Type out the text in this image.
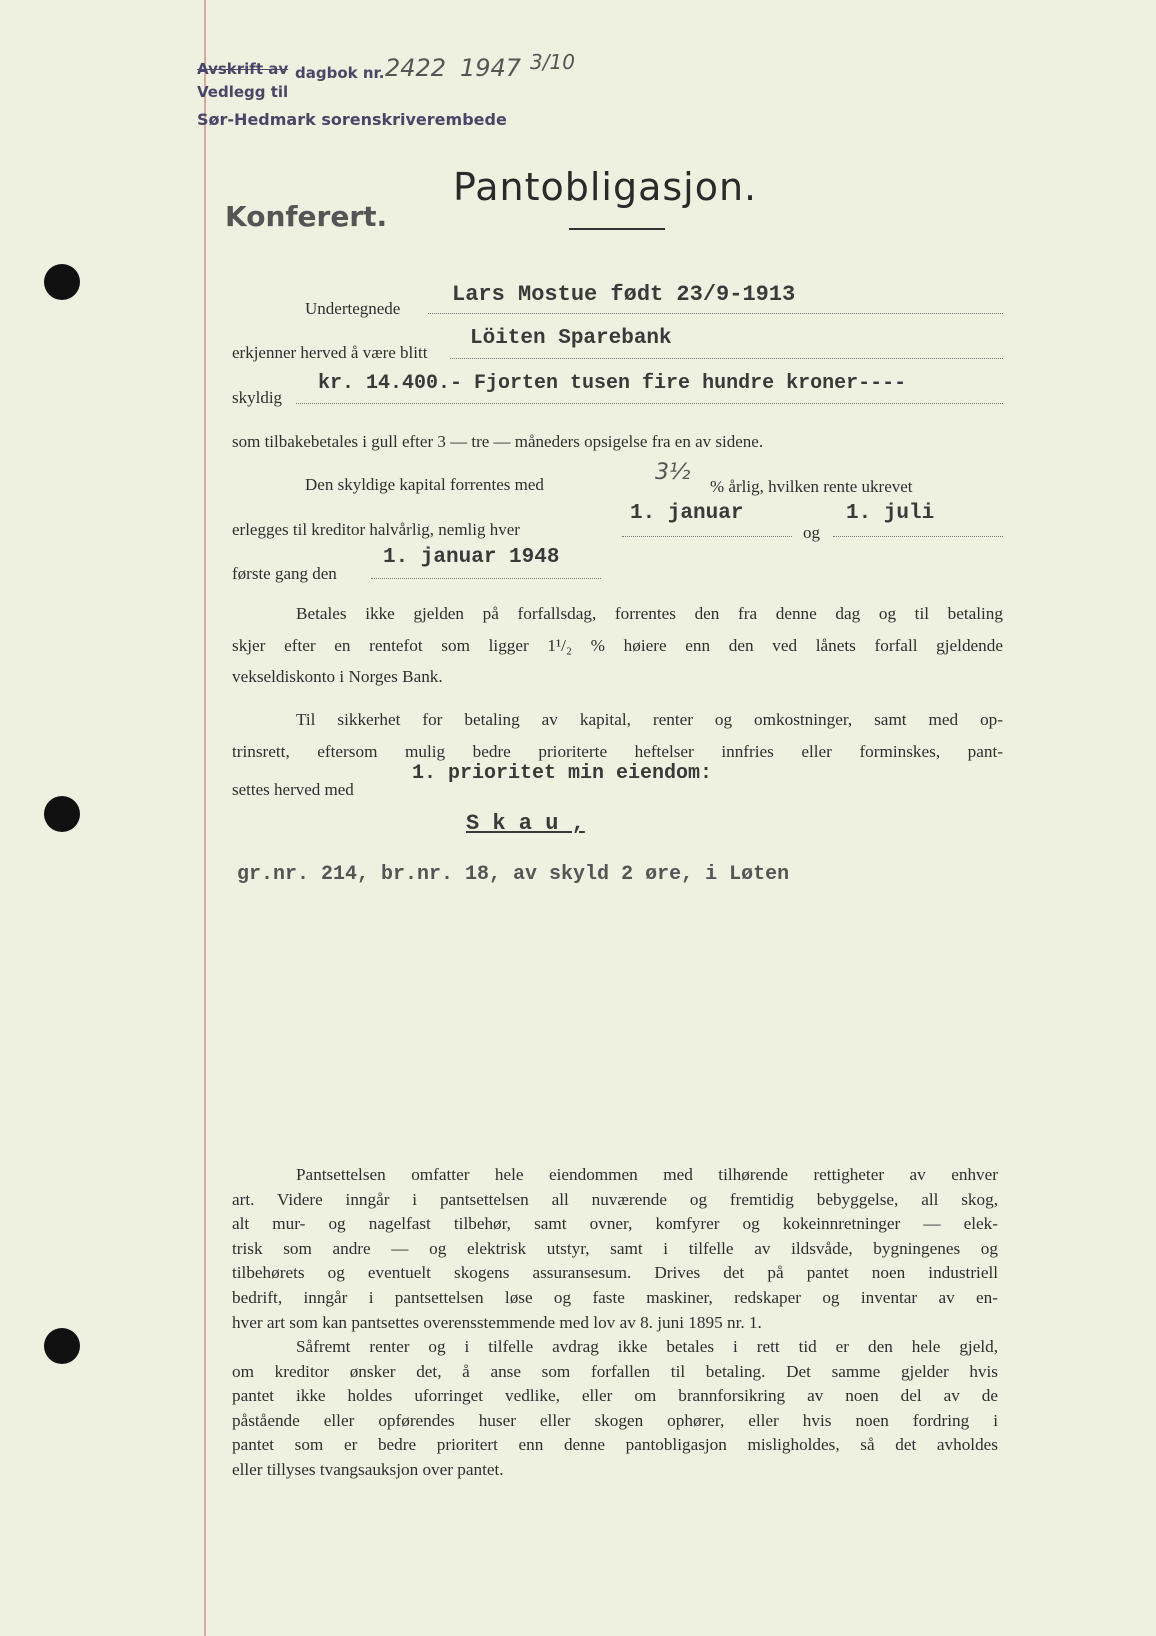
Avskrift av dagbok nr.
Vedlegg til
Sør-Hedmark sorenskriverembede
2422 1947 3/10
Pantobligasjon.
Konferert.
Undertegnede
Lars Mostue født 23/9-1913
erkjenner herved å være blitt
Löiten Sparebank
skyldig
kr. 14.400.- Fjorten tusen fire hundre kroner----
som tilbakebetales i gull efter 3 — tre — måneders opsigelse fra en av sidene.
Den skyldige kapital forrentes med	3½
% årlig, hvilken rente ukrevet
erlegges til kreditor halvårlig, nemlig hver
1. januar
og
1. juli
første gang den
1. januar 1948
Betales ikke gjelden på forfallsdag, forrentes den fra denne dag og til betaling
skjer efter en rentefot som ligger 1¹/₂ % høiere enn den ved lånets forfall gjeldende
vekseldiskonto i Norges Bank.
Til sikkerhet for betaling av kapital, renter og omkostninger, samt med op-
trinsrett, eftersom mulig bedre prioriterte heftelser innfries eller forminskes, pant-
settes herved med
1. prioritet min eiendom:
S k a u ,
gr.nr. 214, br.nr. 18, av skyld 2 øre, i Løten
Pantsettelsen omfatter hele eiendommen med tilhørende rettigheter av enhver
art. Videre inngår i pantsettelsen all nuværende og fremtidig bebyggelse, all skog,
alt mur- og nagelfast tilbehør, samt ovner, komfyrer og kokeinnretninger — elek-
trisk som andre — og elektrisk utstyr, samt i tilfelle av ildsvåde, bygningenes og
tilbehørets og eventuelt skogens assuransesum. Drives det på pantet noen industriell
bedrift, inngår i pantsettelsen løse og faste maskiner, redskaper og inventar av en-
hver art som kan pantsettes overensstemmende med lov av 8. juni 1895 nr. 1.
Såfremt renter og i tilfelle avdrag ikke betales i rett tid er den hele gjeld,
om kreditor ønsker det, å anse som forfallen til betaling. Det samme gjelder hvis
pantet ikke holdes uforringet vedlike, eller om brannforsikring av noen del av de
påstående eller opførendes huser eller skogen ophører, eller hvis noen fordring i
pantet som er bedre prioritert enn denne pantobligasjon misligholdes, så det avholdes
eller tillyses tvangsauksjon over pantet.
